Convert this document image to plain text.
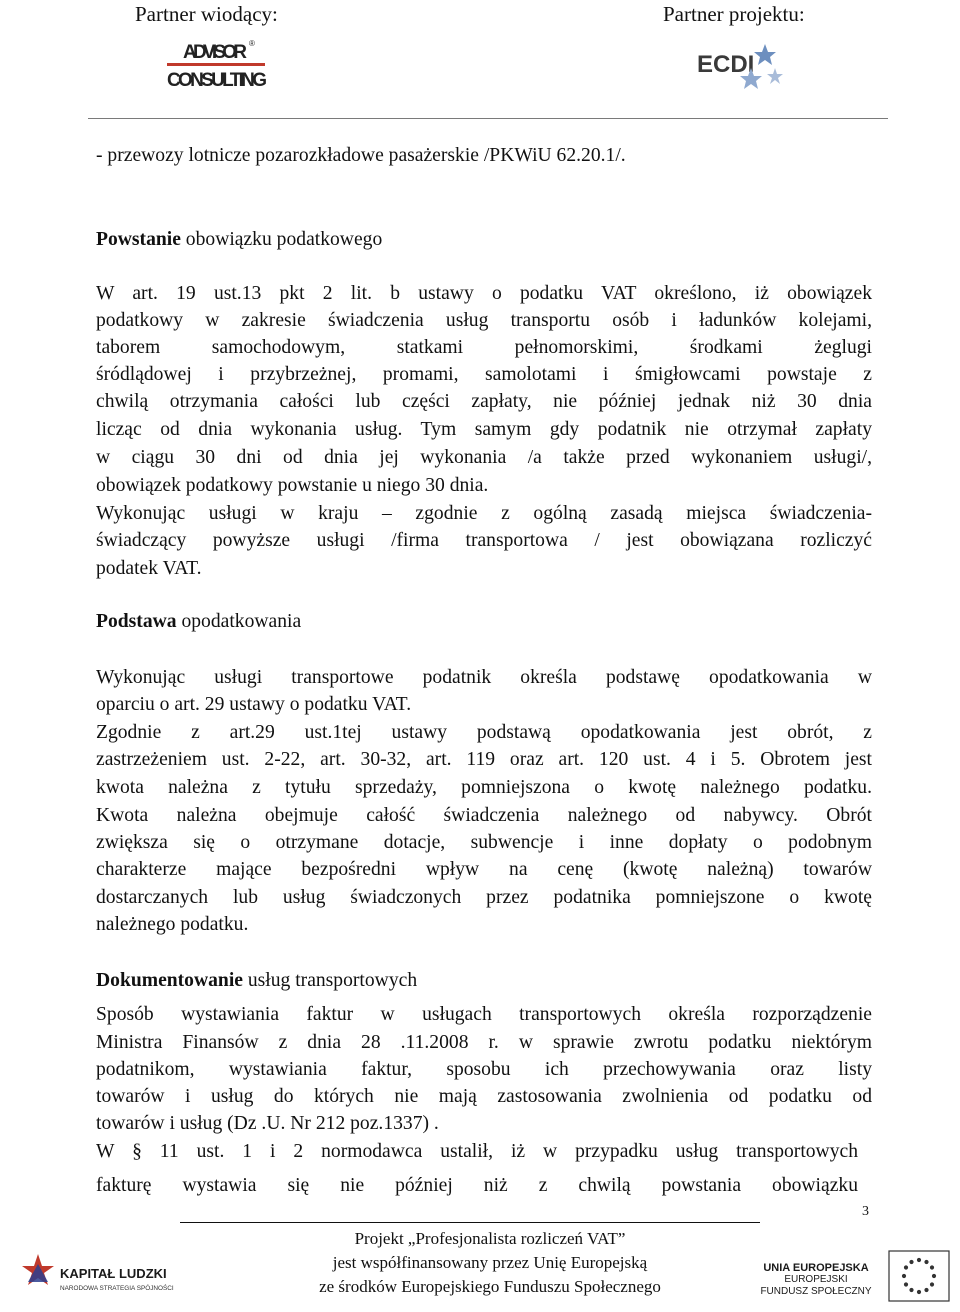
Partner wiodący:	Partner projektu:
ADVISOR ®
CONSULTING
ECDI
- przewozy lotnicze pozarozkładowe pasażerskie /PKWiU 62.20.1/.
Powstanie obowiązku podatkowego
W art. 19 ust.13 pkt 2 lit. b ustawy o podatku VAT określono, iż obowiązek
podatkowy w zakresie świadczenia usług transportu osób i ładunków kolejami,
taborem samochodowym, statkami pełnomorskimi, środkami żeglugi
śródlądowej i przybrzeżnej, promami, samolotami i śmigłowcami powstaje z
chwilą otrzymania całości lub części zapłaty, nie później jednak niż 30 dnia
licząc od dnia wykonania usług. Tym samym gdy podatnik nie otrzymał zapłaty
w ciągu 30 dni od dnia jej wykonania /a także przed wykonaniem usługi/,
obowiązek podatkowy powstanie u niego 30 dnia.
Wykonując usługi w kraju – zgodnie z ogólną zasadą miejsca świadczenia-
świadczący powyższe usługi /firma transportowa / jest obowiązana rozliczyć
podatek VAT.
Podstawa opodatkowania
Wykonując usługi transportowe podatnik określa podstawę opodatkowania w
oparciu o art. 29 ustawy o podatku VAT.
Zgodnie z art.29 ust.1tej ustawy podstawą opodatkowania jest obrót, z
zastrzeżeniem ust. 2-22, art. 30-32, art. 119 oraz art. 120 ust. 4 i 5. Obrotem jest
kwota należna z tytułu sprzedaży, pomniejszona o kwotę należnego podatku.
Kwota należna obejmuje całość świadczenia należnego od nabywcy. Obrót
zwiększa się o otrzymane dotacje, subwencje i inne dopłaty o podobnym
charakterze mające bezpośredni wpływ na cenę (kwotę należną) towarów
dostarczanych lub usług świadczonych przez podatnika pomniejszone o kwotę
należnego podatku.
Dokumentowanie usług transportowych
Sposób wystawiania faktur w usługach transportowych określa rozporządzenie
Ministra Finansów z dnia 28 .11.2008 r. w sprawie zwrotu podatku niektórym
podatnikom, wystawiania faktur, sposobu ich przechowywania oraz listy
towarów i usług do których nie mają zastosowania zwolnienia od podatku od
towarów i usług (Dz .U. Nr 212 poz.1337) .
W § 11 ust. 1 i 2 normodawca ustalił, iż w przypadku usług transportowych
fakturę wystawia się nie później niż z chwilą powstania obowiązku
3
Projekt „Profesjonalista rozliczeń VAT”
jest współfinansowany przez Unię Europejską
ze środków Europejskiego Funduszu Społecznego
KAPITAŁ LUDZKI
NARODOWA STRATEGIA SPÓJNOŚCI
UNIA EUROPEJSKA
EUROPEJSKI
FUNDUSZ SPOŁECZNY
